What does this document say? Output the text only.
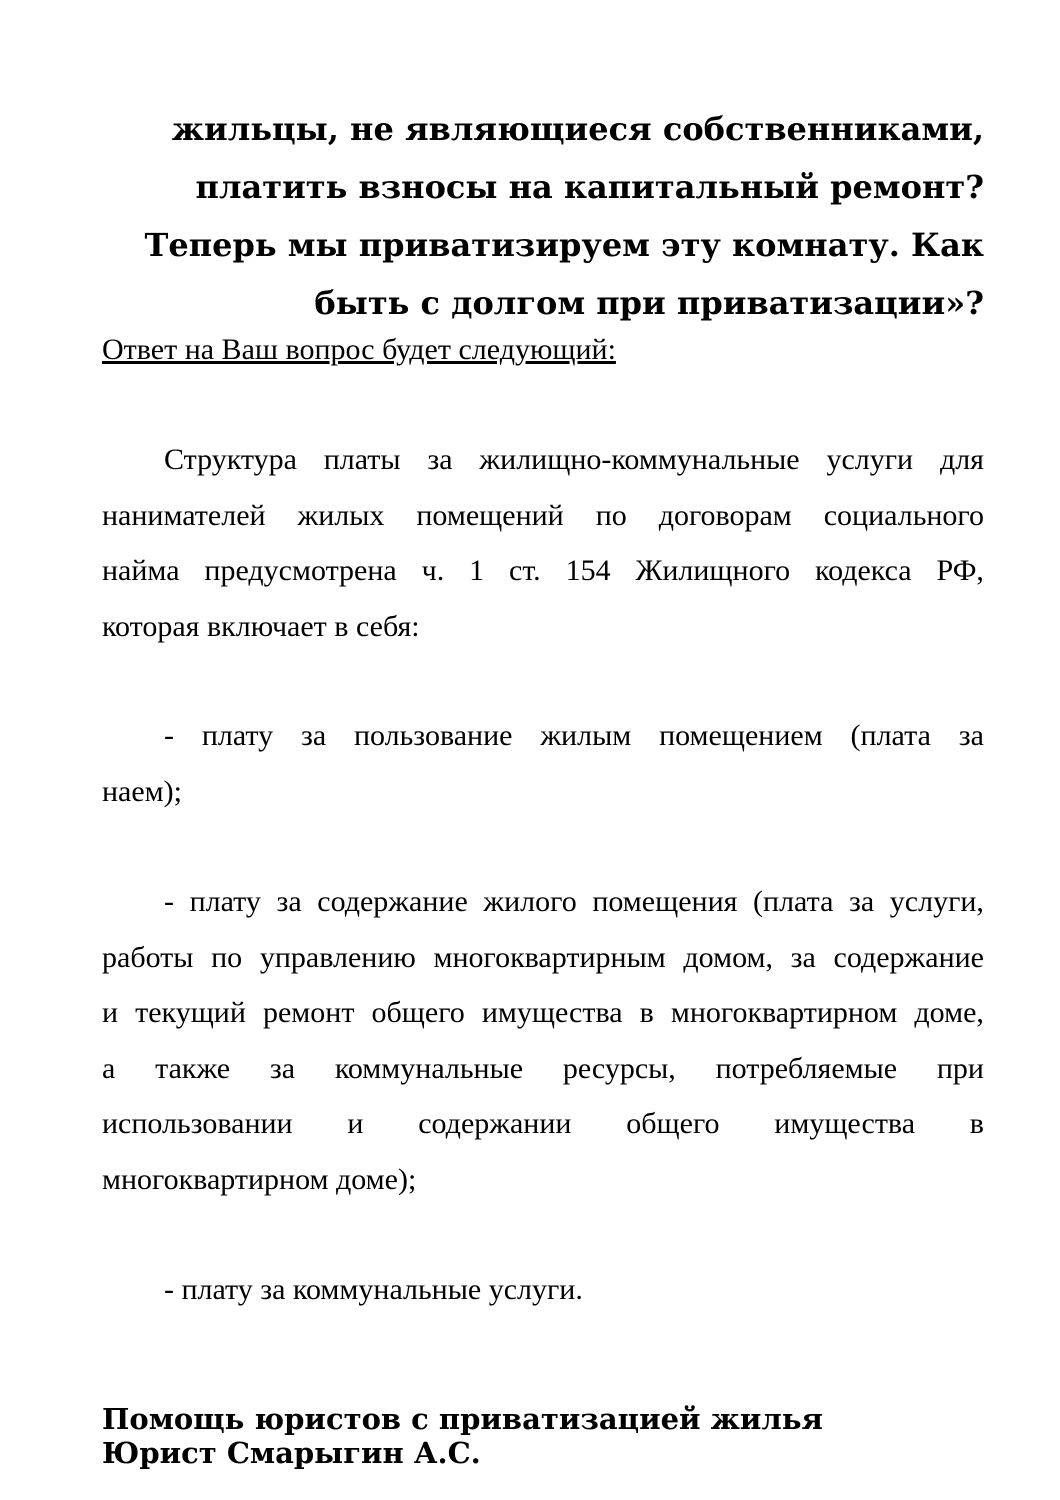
жильцы, не являющиеся собственниками,
платить взносы на капитальный ремонт?
Теперь мы приватизируем эту комнату. Как
быть с долгом при приватизации»?
Ответ на Ваш вопрос будет следующий:
Структура платы за жилищно-коммунальные услуги для
нанимателей жилых помещений по договорам социального
найма предусмотрена ч. 1 ст. 154 Жилищного кодекса РФ,
которая включает в себя:
- плату за пользование жилым помещением (плата за
наем);
- плату за содержание жилого помещения (плата за услуги,
работы по управлению многоквартирным домом, за содержание
и текущий ремонт общего имущества в многоквартирном доме,
а также за коммунальные ресурсы, потребляемые при
использовании и содержании общего имущества в
многоквартирном доме);
- плату за коммунальные услуги.
Помощь юристов с приватизацией жилья
Юрист Смарыгин А.С.
